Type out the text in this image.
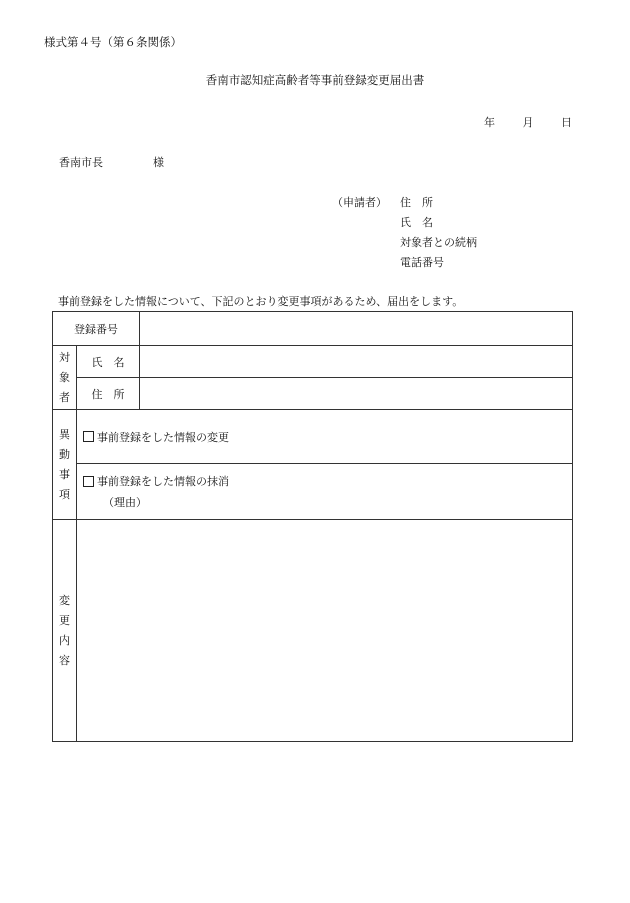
様式第４号（第６条関係）
香南市認知症高齢者等事前登録変更届出書
年	月	日
香南市長	様
（申請者） 住　所
氏　名
対象者との続柄
電話番号
事前登録をした情報について、下記のとおり変更事項があるため、届出をします。
登録番号		

対
象
者	氏　名	
	住　所	

異
動
事
項	事前登録をした情報の変更	

	事前登録をした情報の抹消
（理由）	

変
更
内
容		
